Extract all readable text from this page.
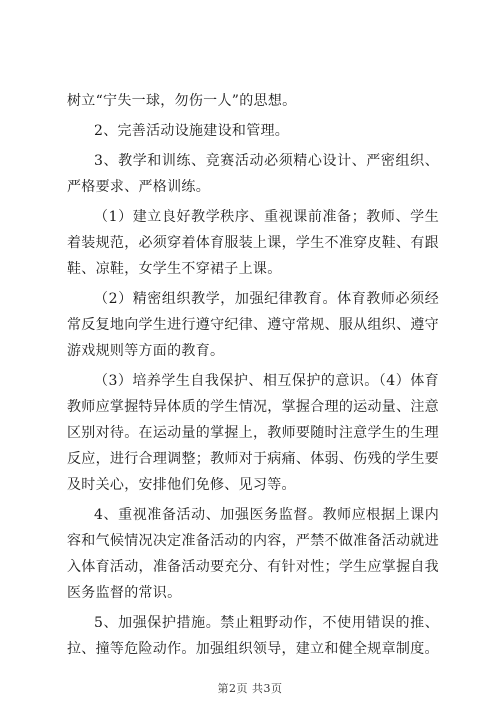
树立“宁失一球，勿伤一人”的思想。

2、完善活动设施建设和管理。

3、教学和训练、竞赛活动必须精心设计、严密组织、严格要求、严格训练。

（1）建立良好教学秩序、重视课前准备；教师、学生着装规范，必须穿着体育服装上课，学生不准穿皮鞋、有跟鞋、凉鞋，女学生不穿裙子上课。

（2）精密组织教学，加强纪律教育。体育教师必须经常反复地向学生进行遵守纪律、遵守常规、服从组织、遵守游戏规则等方面的教育。

（3）培养学生自我保护、相互保护的意识。（4）体育教师应掌握特异体质的学生情况，掌握合理的运动量、注意区别对待。在运动量的掌握上，教师要随时注意学生的生理反应，进行合理调整；教师对于病痛、体弱、伤残的学生要及时关心，安排他们免修、见习等。

4、重视准备活动、加强医务监督。教师应根据上课内容和气候情况决定准备活动的内容，严禁不做准备活动就进入体育活动，准备活动要充分、有针对性；学生应掌握自我医务监督的常识。

5、加强保护措施。禁止粗野动作，不使用错误的推、拉、撞等危险动作。加强组织领导，建立和健全规章制度。

第2页 共3页
